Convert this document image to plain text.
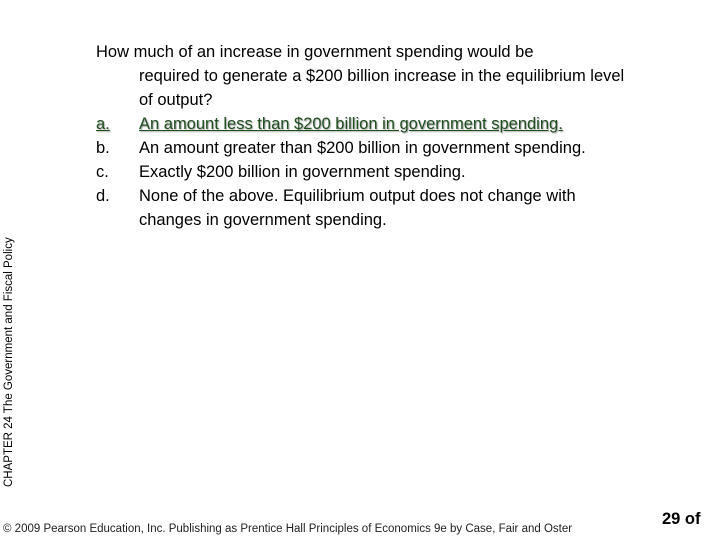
CHAPTER 24 The Government and Fiscal Policy
How much of an increase in government spending would be
required to generate a $200 billion increase in the equilibrium level of output?
a.	An amount less than $200 billion in government spending.
b.	An amount greater than $200 billion in government spending.
c.	Exactly $200 billion in government spending.
d.	None of the above. Equilibrium output does not change with changes in government spending.
© 2009 Pearson Education, Inc. Publishing as Prentice Hall Principles of Economics 9e by Case, Fair and Oster
29 of
